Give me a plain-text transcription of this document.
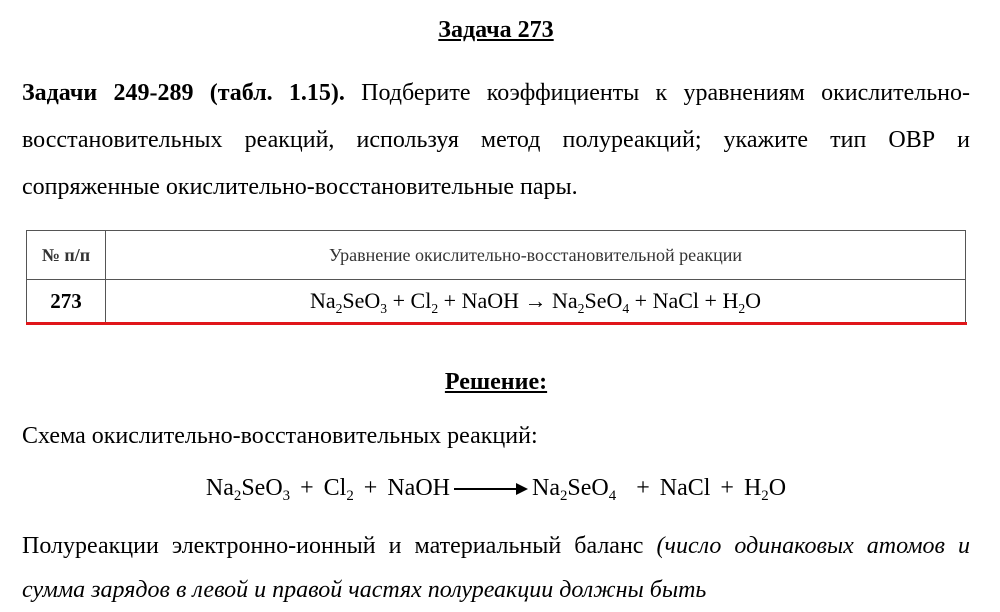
Задача 273
Задачи 249-289 (табл. 1.15). Подберите коэффициенты к уравнениям окислительно-восстановительных реакций, используя метод полуреакций; укажите тип ОВР и сопряженные окислительно-восстановительные пары.
№ п/п	Уравнение окислительно-восстановительной реакции
273	$Na_2SeO_3 + Cl_2$ + NaOH → $Na_2SeO_4$ + NaCl + $H_2O$
Решение:
Схема окислительно-восстановительных реакций:
$Na_2SeO_3 + Cl_2$ + NaOH	$Na_2SeO_4$ + NaCl + $H_2O$
Полуреакции электронно-ионный и материальный баланс (число одинаковых атомов и сумма зарядов в левой и правой частях полуреакции должны быть
